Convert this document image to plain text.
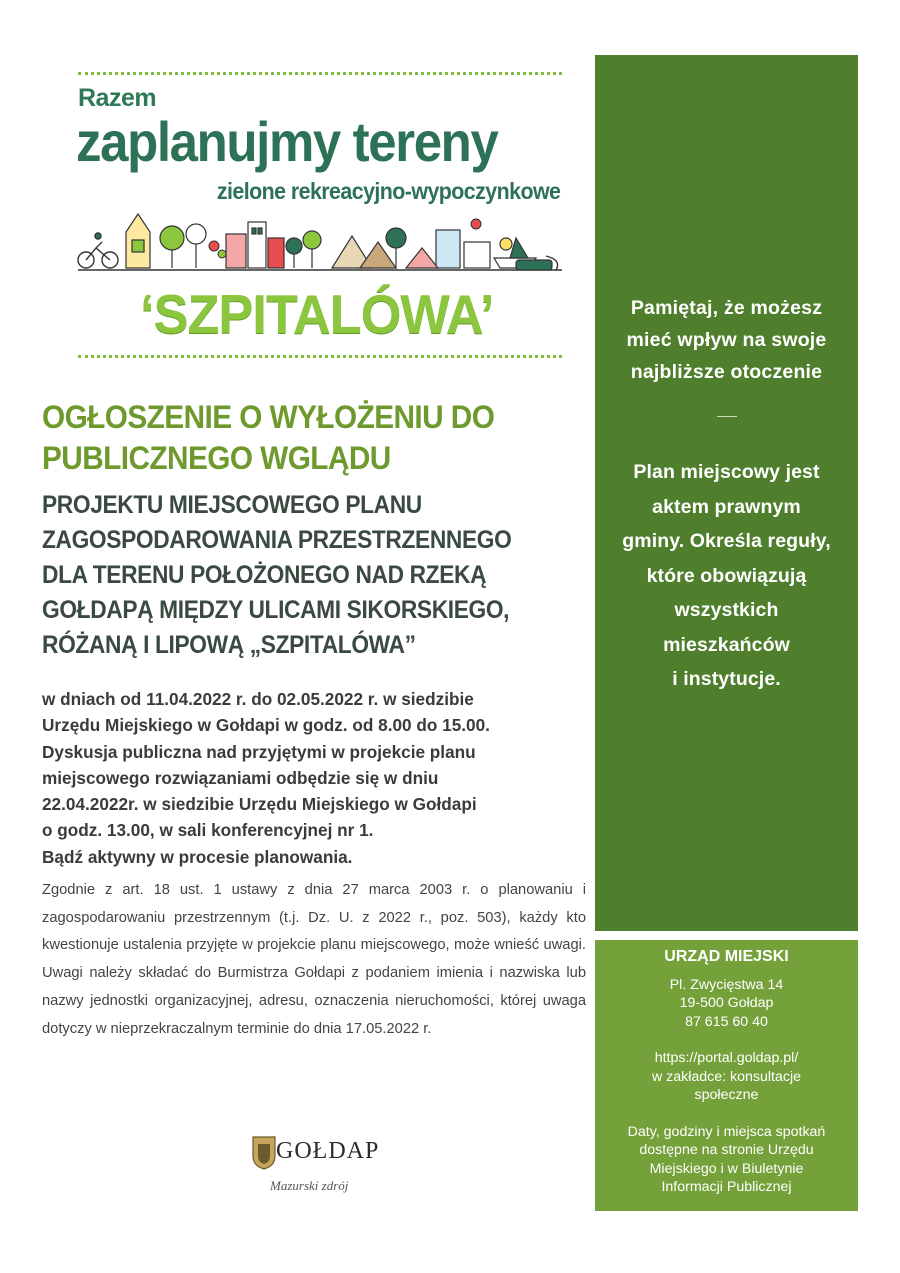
Razem
zaplanujmy tereny
zielone rekreacyjno-wypoczynkowe
‘SZPITALÓWA’
OGŁOSZENIE O WYŁOŻENIU DO
PUBLICZNEGO WGLĄDU
PROJEKTU MIEJSCOWEGO PLANU
ZAGOSPODAROWANIA PRZESTRZENNEGO
DLA TERENU POŁOŻONEGO NAD RZEKĄ
GOŁDAPĄ MIĘDZY ULICAMI SIKORSKIEGO,
RÓŻANĄ I LIPOWĄ „SZPITALÓWA”
w dniach od 11.04.2022 r. do 02.05.2022 r. w siedzibie
Urzędu Miejskiego w Gołdapi w godz. od 8.00 do 15.00.
Dyskusja publiczna nad przyjętymi w projekcie planu
miejscowego rozwiązaniami odbędzie się w dniu
22.04.2022r. w siedzibie Urzędu Miejskiego w Gołdapi
o godz. 13.00, w sali konferencyjnej nr 1.
Bądź aktywny w procesie planowania.
Zgodnie z art. 18 ust. 1 ustawy z dnia 27 marca 2003 r. o planowaniu i zagospodarowaniu przestrzennym (t.j. Dz. U. z 2022 r., poz. 503), każdy kto kwestionuje ustalenia przyjęte w projekcie planu miejscowego, może wnieść uwagi. Uwagi należy składać do Burmistrza Gołdapi z podaniem imienia i nazwiska lub nazwy jednostki organizacyjnej, adresu, oznaczenia nieruchomości, której uwaga dotyczy w nieprzekraczalnym terminie do dnia 17.05.2022 r.
GOŁDAP
Mazurski zdrój
Pamiętaj, że możesz
mieć wpływ na swoje
najbliższe otoczenie
Plan miejscowy jest
aktem prawnym
gminy. Określa reguły,
które obowiązują
wszystkich
mieszkańców
i instytucje.
URZĄD MIEJSKI
Pl. Zwycięstwa 14
19-500 Gołdap
87 615 60 40
https://portal.goldap.pl/
w zakładce: konsultacje
społeczne
Daty, godziny i miejsca spotkań
dostępne na stronie Urzędu
Miejskiego i w Biuletynie
Informacji Publicznej
